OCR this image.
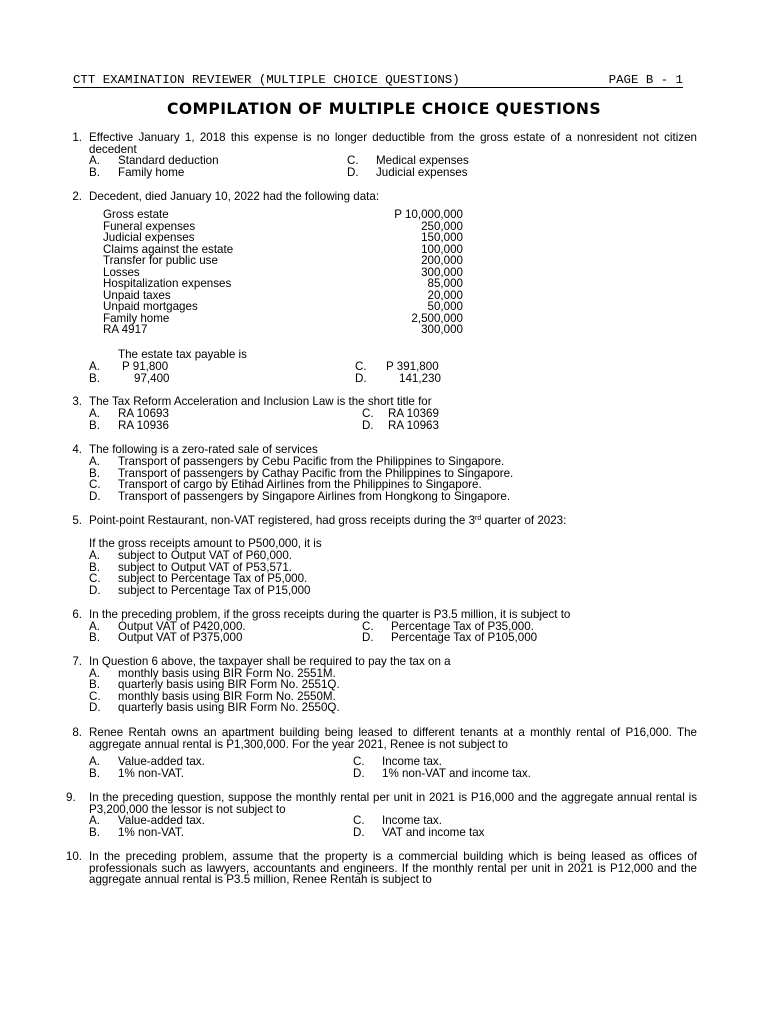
CTT EXAMINATION REVIEWER (MULTIPLE CHOICE QUESTIONS)	PAGE B - 1
COMPILATION OF MULTIPLE CHOICE QUESTIONS
1. Effective January 1, 2018 this expense is no longer deductible from the gross estate of a nonresident not citizen decedent
A. Standard deduction
B. Family home
C. Medical expenses
D. Judicial expenses
2. Decedent, died January 10, 2022 had the following data:
Gross estate	P 10,000,000
Funeral expenses	250,000
Judicial expenses	150,000
Claims against the estate	100,000
Transfer for public use	200,000
Losses	300,000
Hospitalization expenses	85,000
Unpaid taxes	20,000
Unpaid mortgages	50,000
Family home	2,500,000
RA 4917	300,000
The estate tax payable is
A. P 91,800
B.	97,400
C. P 391,800
D.	141,230
3. The Tax Reform Acceleration and Inclusion Law is the short title for
A. RA 10693
B. RA 10936
C. RA 10369
D. RA 10963
4. The following is a zero-rated sale of services
A. Transport of passengers by Cebu Pacific from the Philippines to Singapore.
B. Transport of passengers by Cathay Pacific from the Philippines to Singapore.
C. Transport of cargo by Etihad Airlines from the Philippines to Singapore.
D. Transport of passengers by Singapore Airlines from Hongkong to Singapore.
5. Point-point Restaurant, non-VAT registered, had gross receipts during the 3rd quarter of 2023:
If the gross receipts amount to P500,000, it is
A. subject to Output VAT of P60,000.
B. subject to Output VAT of P53,571.
C. subject to Percentage Tax of P5,000.
D. subject to Percentage Tax of P15,000
6. In the preceding problem, if the gross receipts during the quarter is P3.5 million, it is subject to
A. Output VAT of P420,000.
B. Output VAT of P375,000
C. Percentage Tax of P35,000.
D. Percentage Tax of P105,000
7. In Question 6 above, the taxpayer shall be required to pay the tax on a
A. monthly basis using BIR Form No. 2551M.
B. quarterly basis using BIR Form No. 2551Q.
C. monthly basis using BIR Form No. 2550M.
D. quarterly basis using BIR Form No. 2550Q.
8. Renee Rentah owns an apartment building being leased to different tenants at a monthly rental of P16,000. The aggregate annual rental is P1,300,000. For the year 2021, Renee is not subject to
A. Value-added tax.
B. 1% non-VAT.
C. Income tax.
D. 1% non-VAT and income tax.
9. In the preceding question, suppose the monthly rental per unit in 2021 is P16,000 and the aggregate annual rental is P3,200,000 the lessor is not subject to
A. Value-added tax.
B. 1% non-VAT.
C. Income tax.
D. VAT and income tax
10. In the preceding problem, assume that the property is a commercial building which is being leased as offices of professionals such as lawyers, accountants and engineers. If the monthly rental per unit in 2021 is P12,000 and the aggregate annual rental is P3.5 million, Renee Rentah is subject to
